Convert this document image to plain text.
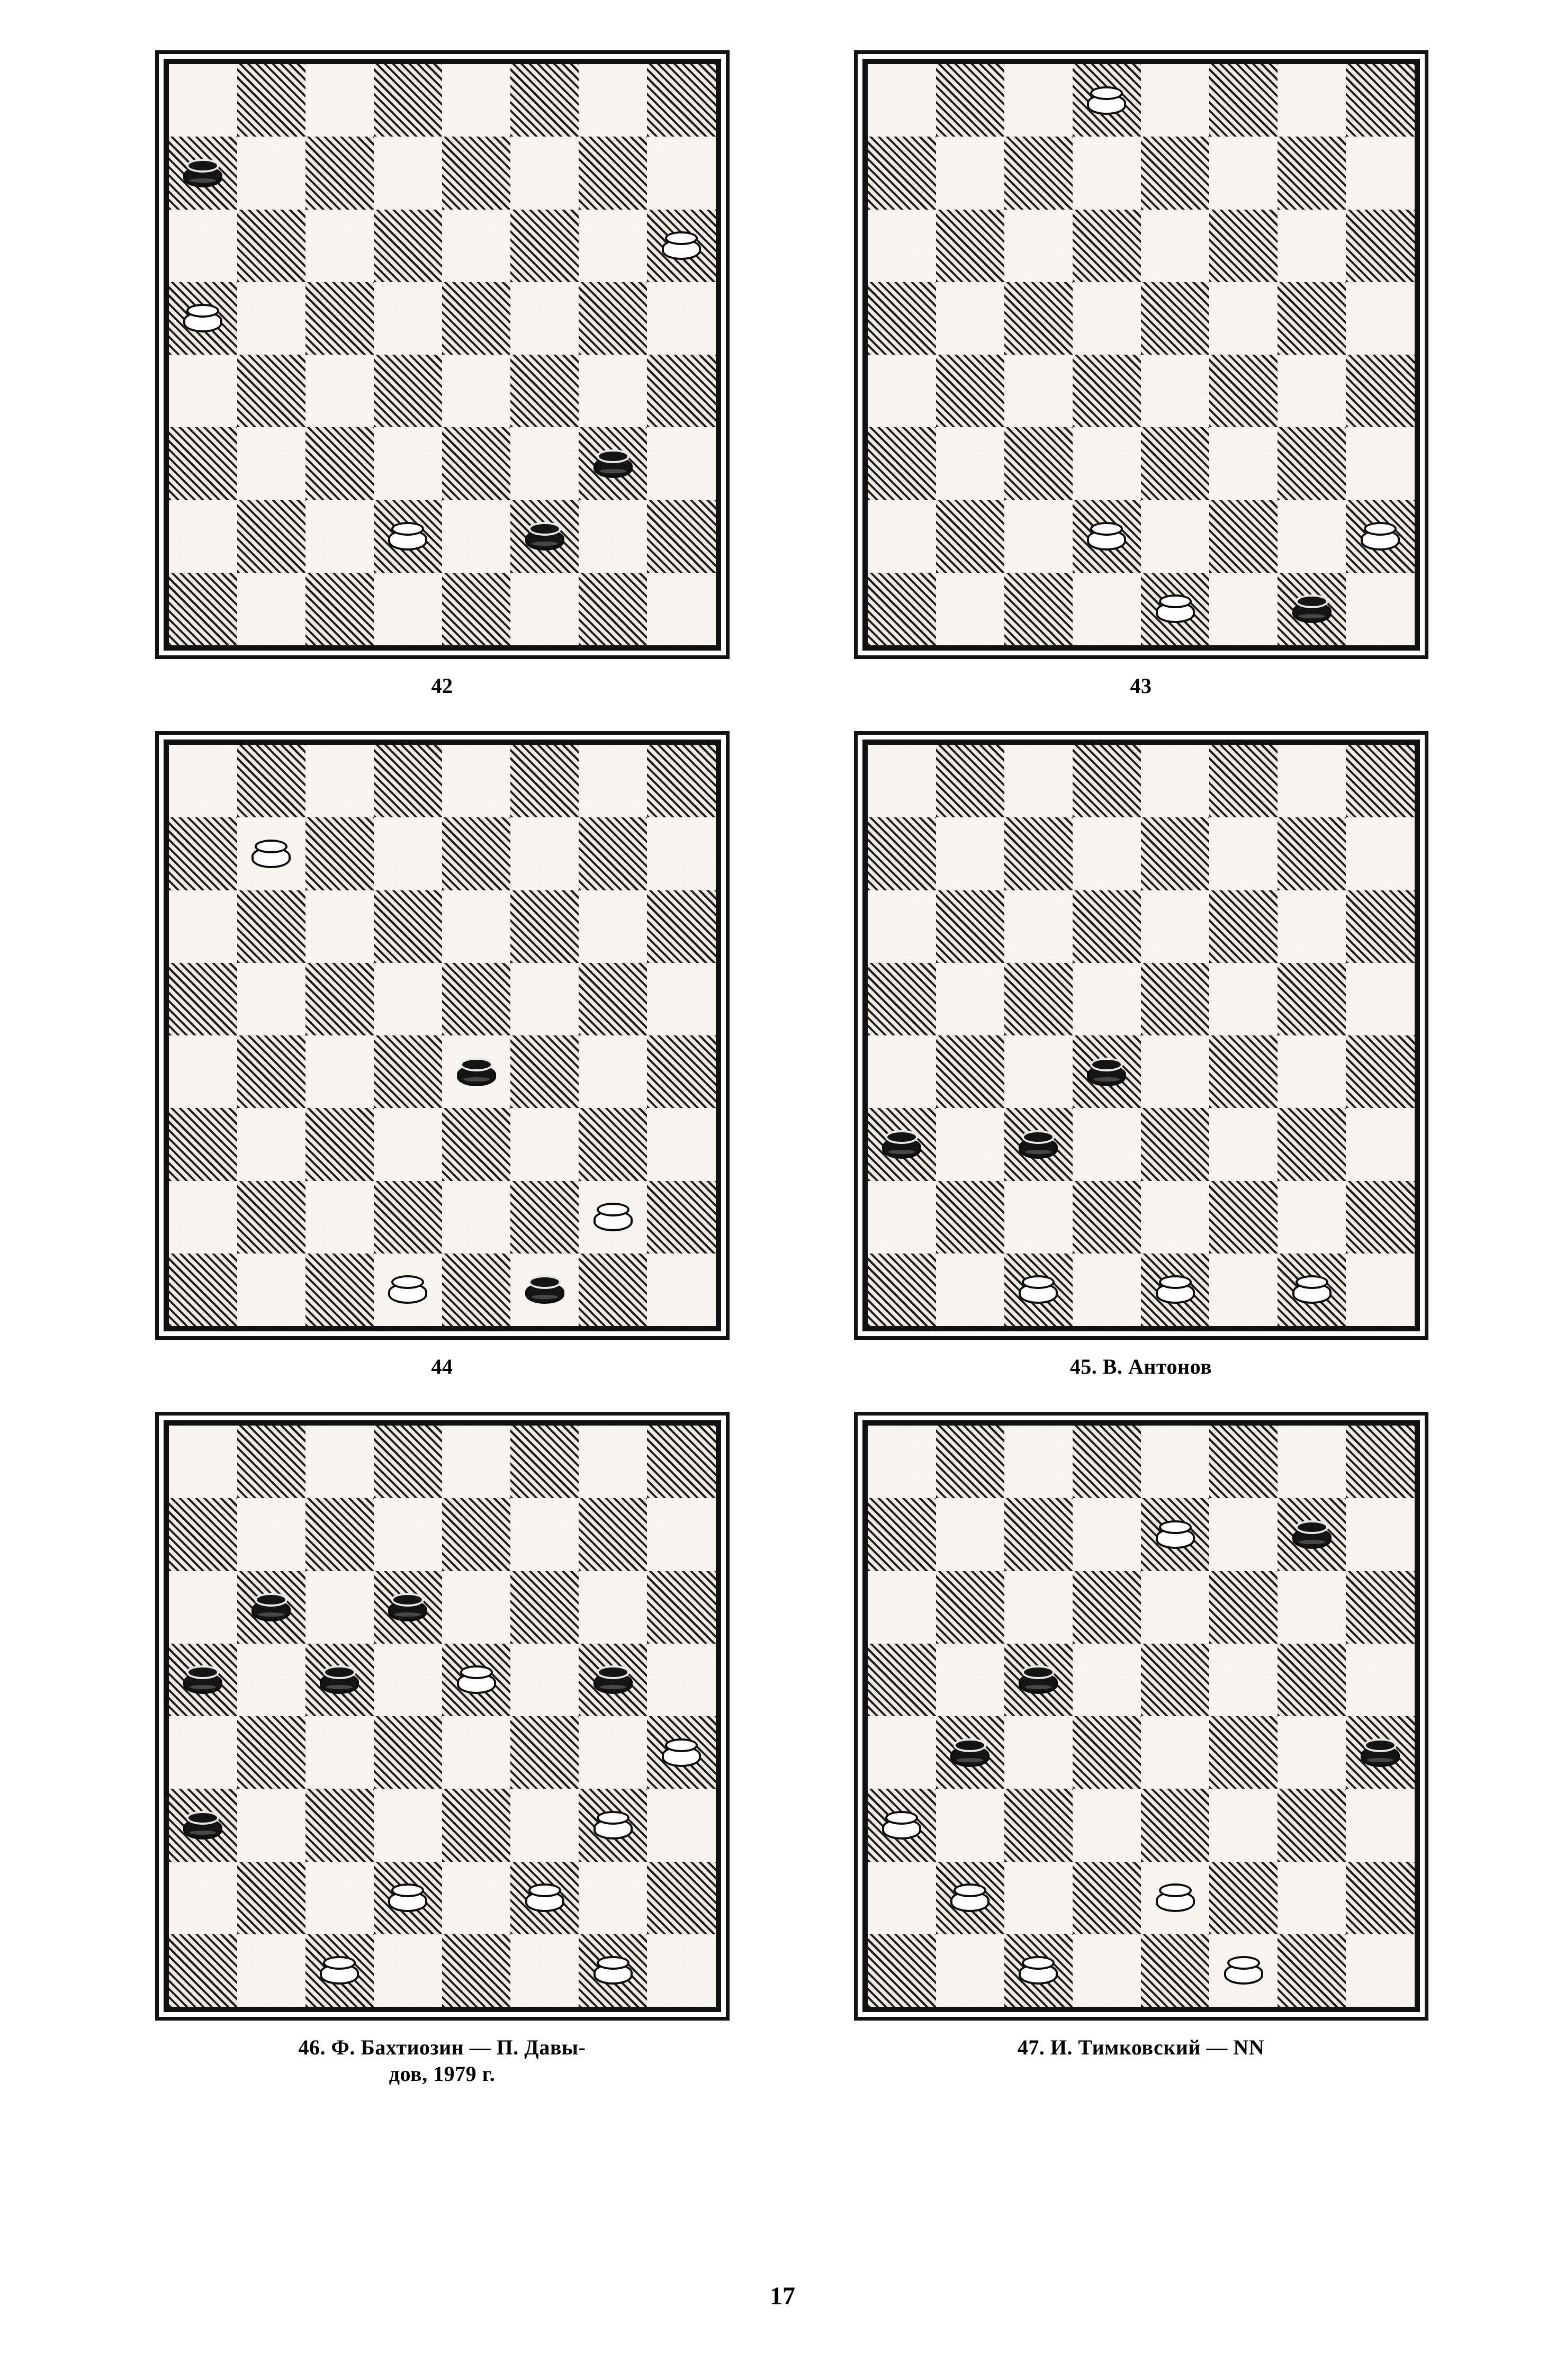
42	43
44	45. В. Антонов
46. Ф. Бахтиозин — П. Давы-
дов, 1979 г.
47. И. Тимковский — NN
17
